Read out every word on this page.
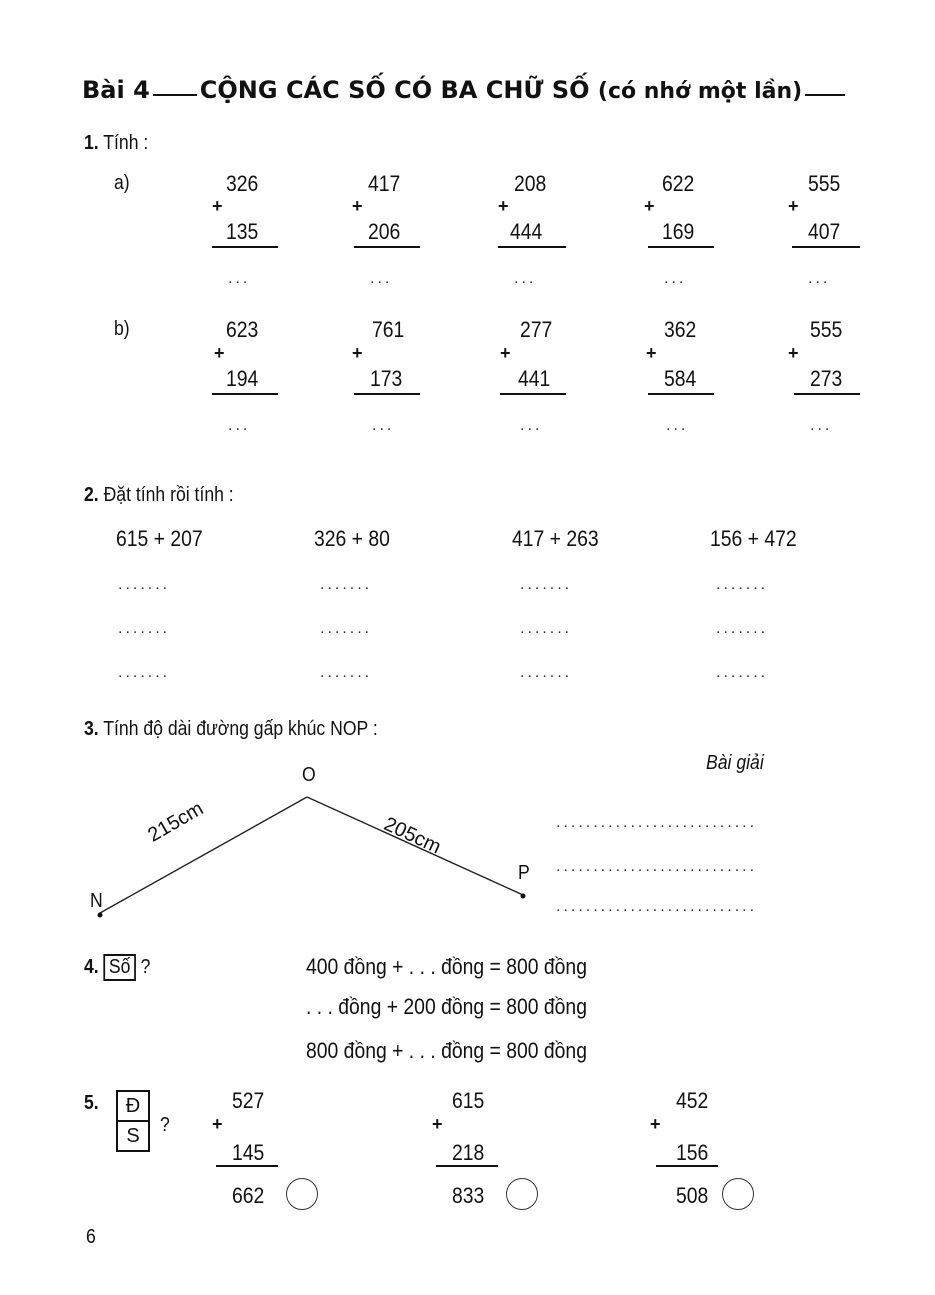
Bài 4 CỘNG CÁC SỐ CÓ BA CHỮ SỐ (có nhớ một lần)
1. Tính :
a)
b)
326
+
135
...
417
+
206
...
208
+
444
...
622
+
169
...
555
+
407
...
623
+
194
...
761
+
173
...
277
+
441
...
362
+
584
...
555
+
273
...
2. Đặt tính rồi tính :
615 + 207	326 + 80	417 + 263	156 + 472
.......	.......	.......	.......
.......	.......	.......	.......
.......	.......	.......	.......
3. Tính độ dài đường gấp khúc NOP :
Bài giải
O
N
P
215cm	205cm	...........................
...........................
...........................
4. Số ?	400 đồng + . . . đồng = 800 đồng
. . . đồng + 200 đồng = 800 đồng
800 đồng + . . . đồng = 800 đồng
5.	Đ
S	?
527
+
145
662
615
+
218
833
452
+
156
508
6
